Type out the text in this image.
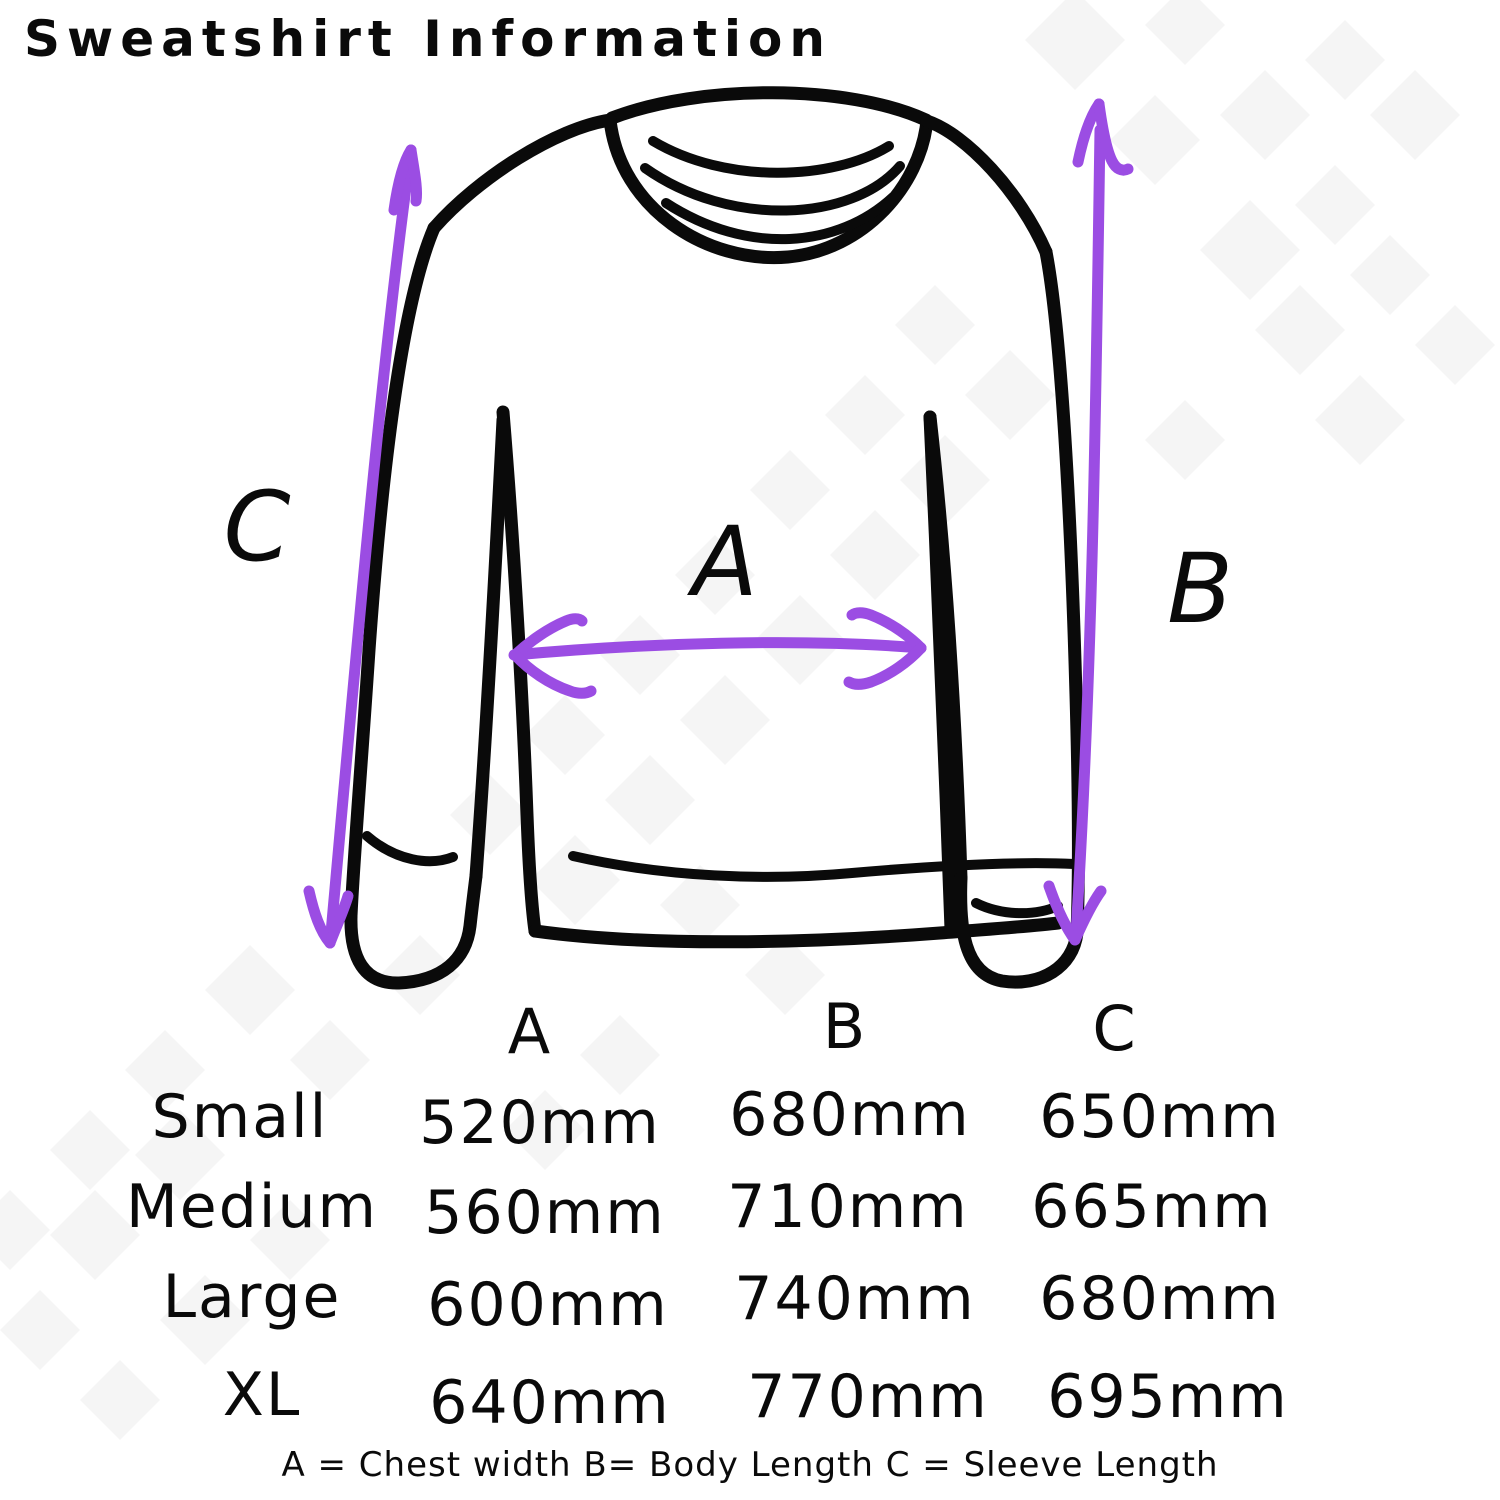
Sweatshirt Information
A	B
C
A	B	C
Small 520mm 680mm 650mm
Medium 560mm 710mm 665mm
Large 600mm 740mm 680mm
XL 640mm 770mm 695mm
A = Chest width B= Body Length C = Sleeve Length
